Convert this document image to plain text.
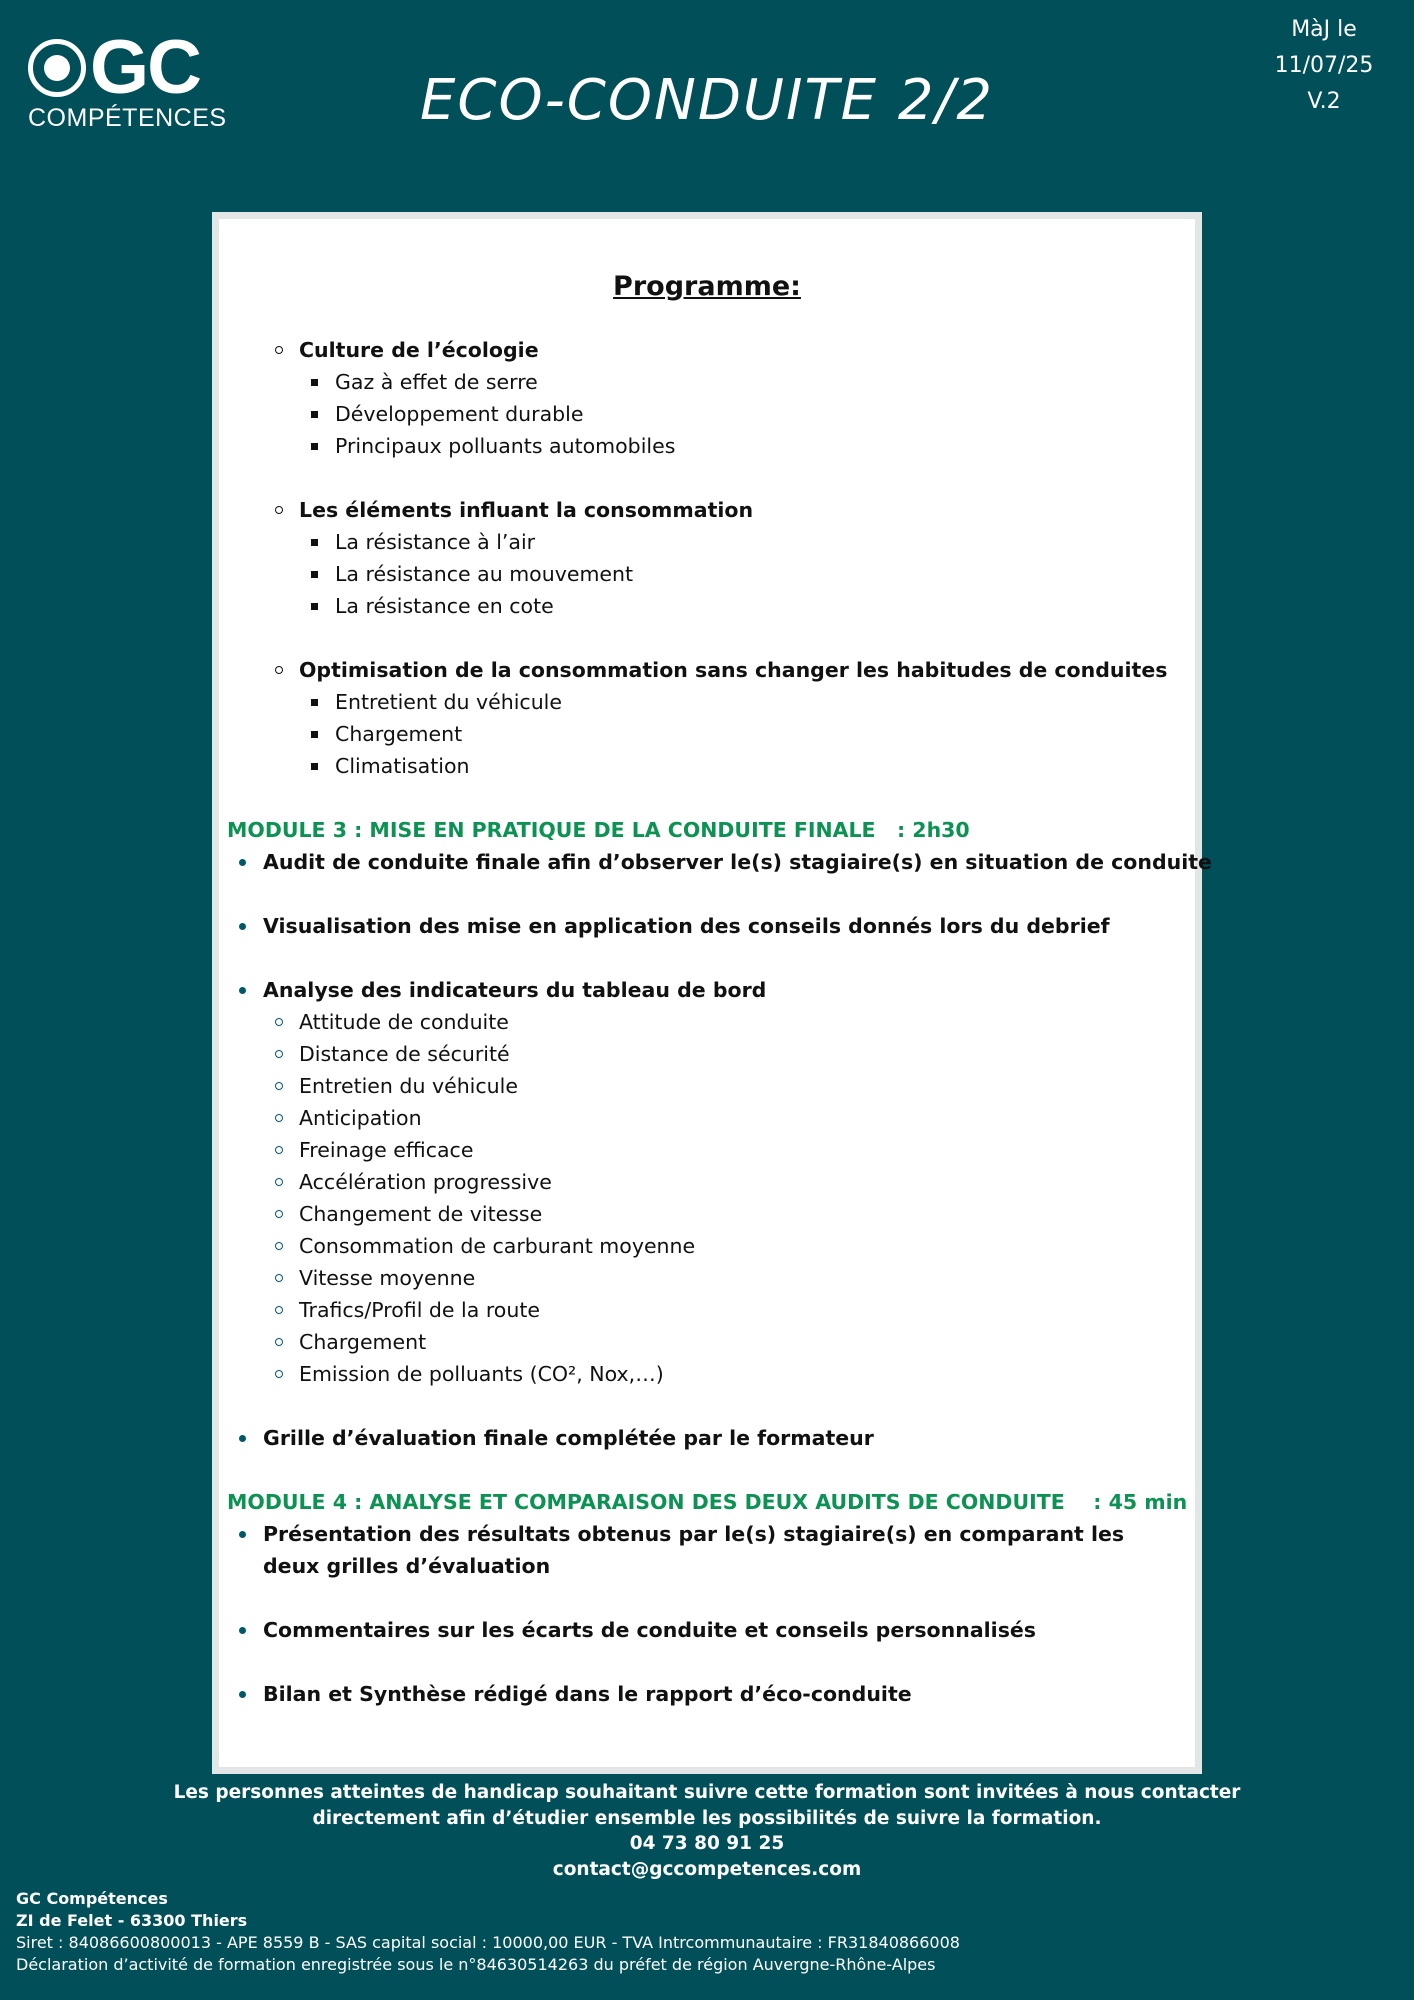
GC
COMPÉTENCES	ECO-CONDUITE 2/2
MàJ le
11/07/25
V.2
Programme:
Culture de l’écologie
Gaz à effet de serre
Développement durable
Principaux polluants automobiles
Les éléments influant la consommation
La résistance à l’air
La résistance au mouvement
La résistance en cote
Optimisation de la consommation sans changer les habitudes de conduites
Entretient du véhicule
Chargement
Climatisation
MODULE 3 : MISE EN PRATIQUE DE LA CONDUITE FINALE   : 2h30
Audit de conduite finale afin d’observer le(s) stagiaire(s) en situation de conduite
Visualisation des mise en application des conseils donnés lors du debrief
Analyse des indicateurs du tableau de bord
Attitude de conduite
Distance de sécurité
Entretien du véhicule
Anticipation
Freinage efficace
Accélération progressive
Changement de vitesse
Consommation de carburant moyenne
Vitesse moyenne
Trafics/Profil de la route
Chargement
Emission de polluants (CO², Nox,…)
Grille d’évaluation finale complétée par le formateur
MODULE 4 : ANALYSE ET COMPARAISON DES DEUX AUDITS DE CONDUITE    : 45 min
Présentation des résultats obtenus par le(s) stagiaire(s) en comparant les deux grilles d’évaluation
Commentaires sur les écarts de conduite et conseils personnalisés
Bilan et Synthèse rédigé dans le rapport d’éco-conduite
Les personnes atteintes de handicap souhaitant suivre cette formation sont invitées à nous contacter
directement afin d’étudier ensemble les possibilités de suivre la formation.
04 73 80 91 25
contact@gccompetences.com
GC Compétences
ZI de Felet - 63300 Thiers
Siret : 84086600800013 - APE 8559 B - SAS capital social : 10000,00 EUR - TVA Intrcommunautaire : FR31840866008
Déclaration d’activité de formation enregistrée sous le n°84630514263 du préfet de région Auvergne-Rhône-Alpes
